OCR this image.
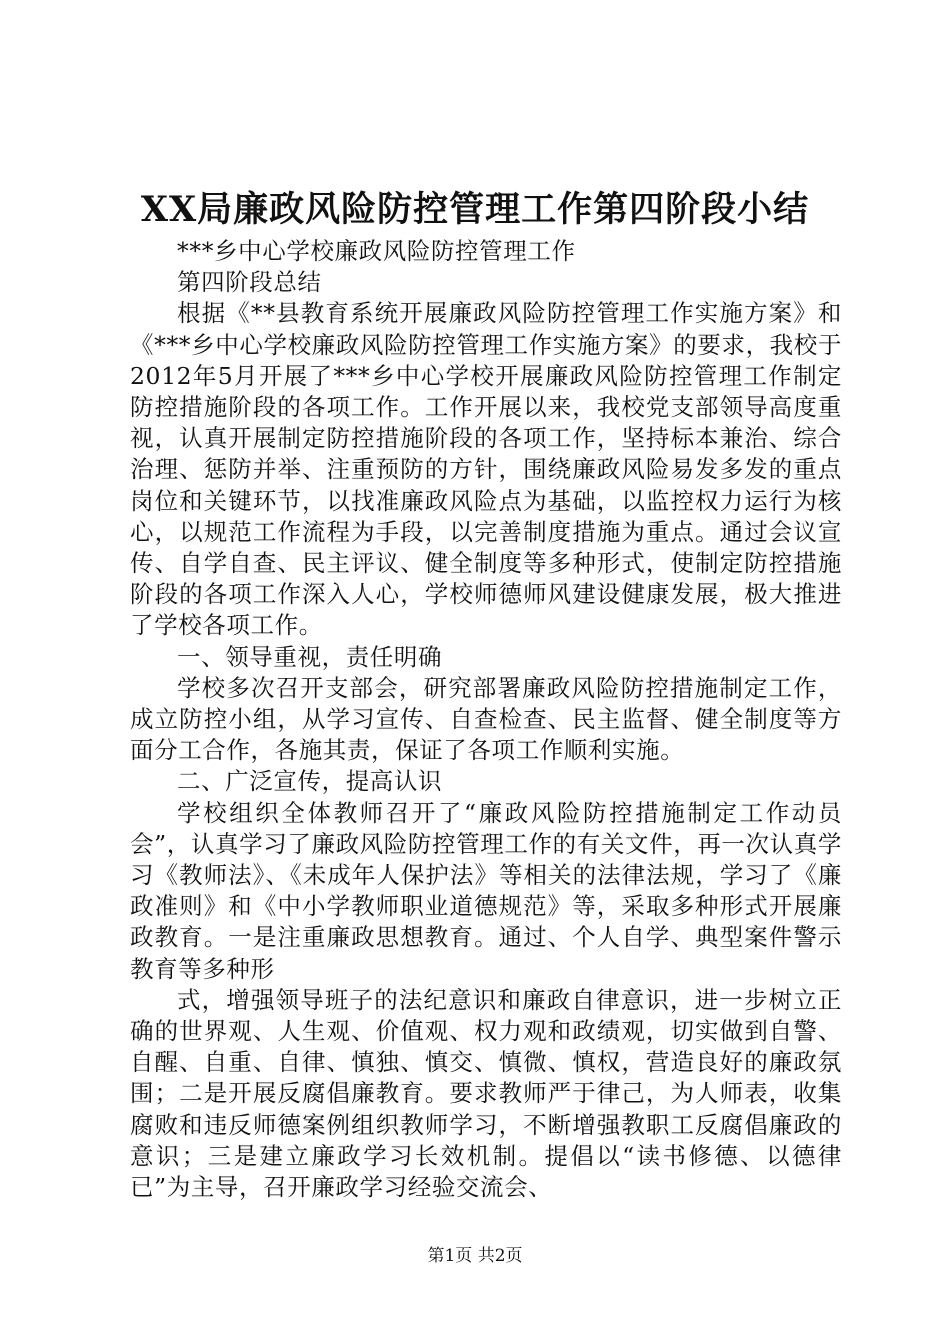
XX局廉政风险防控管理工作第四阶段小结

***乡中心学校廉政风险防控管理工作

第四阶段总结

根据《**县教育系统开展廉政风险防控管理工作实施方案》和《***乡中心学校廉政风险防控管理工作实施方案》的要求，我校于2012年5月开展了***乡中心学校开展廉政风险防控管理工作制定防控措施阶段的各项工作。工作开展以来，我校党支部领导高度重视，认真开展制定防控措施阶段的各项工作，坚持标本兼治、综合治理、惩防并举、注重预防的方针，围绕廉政风险易发多发的重点岗位和关键环节，以找准廉政风险点为基础，以监控权力运行为核心，以规范工作流程为手段，以完善制度措施为重点。通过会议宣传、自学自查、民主评议、健全制度等多种形式，使制定防控措施阶段的各项工作深入人心，学校师德师风建设健康发展，极大推进了学校各项工作。

一、领导重视，责任明确

学校多次召开支部会，研究部署廉政风险防控措施制定工作，成立防控小组，从学习宣传、自查检查、民主监督、健全制度等方面分工合作，各施其责，保证了各项工作顺利实施。

二、广泛宣传，提高认识

学校组织全体教师召开了“廉政风险防控措施制定工作动员会”，认真学习了廉政风险防控管理工作的有关文件，再一次认真学习《教师法》、《未成年人保护法》等相关的法律法规，学习了《廉政准则》和《中小学教师职业道德规范》等，采取多种形式开展廉政教育。一是注重廉政思想教育。通过、个人自学、典型案件警示教育等多种形

式，增强领导班子的法纪意识和廉政自律意识，进一步树立正确的世界观、人生观、价值观、权力观和政绩观，切实做到自警、自醒、自重、自律、慎独、慎交、慎微、慎权，营造良好的廉政氛围；二是开展反腐倡廉教育。要求教师严于律己，为人师表，收集腐败和违反师德案例组织教师学习，不断增强教职工反腐倡廉政的意识；三是建立廉政学习长效机制。提倡以“读书修德、以德律已”为主导，召开廉政学习经验交流会、

第1页 共2页
